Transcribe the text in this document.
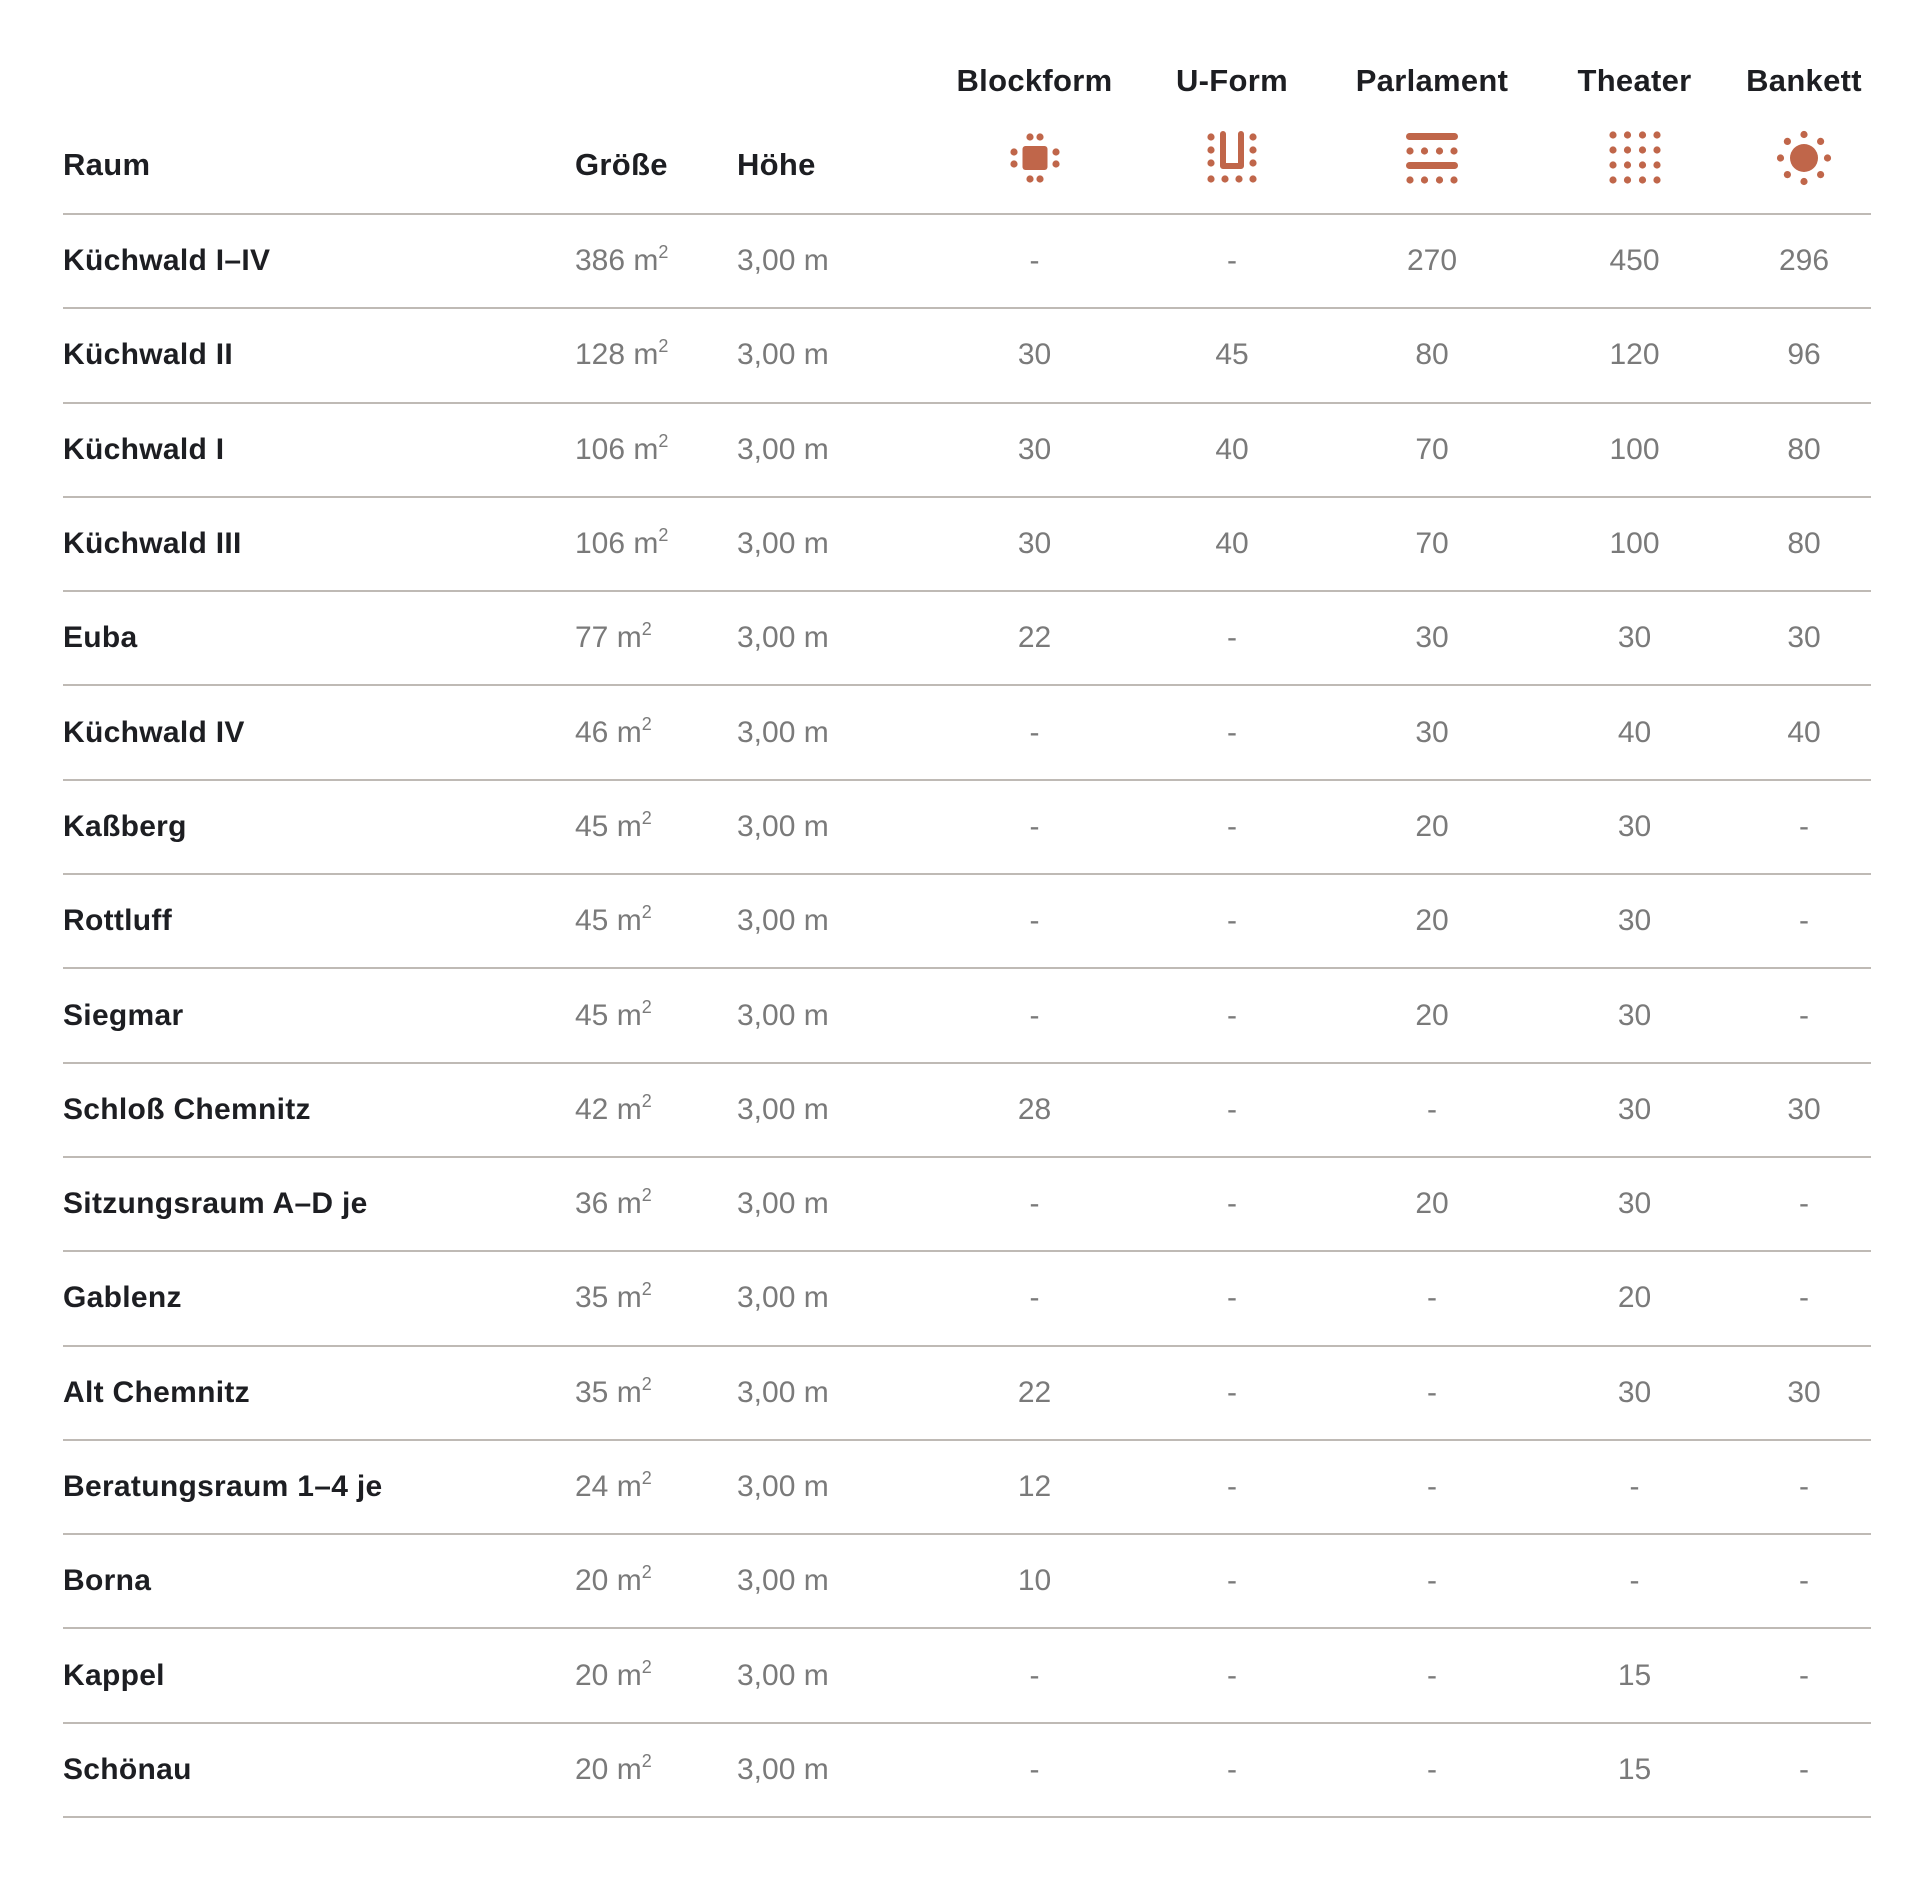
Raum	Größe	Höhe	Blockform	U-Form	Parlament	Theater	Bankett

Küchwald I–IV	386 $m^2$	3,00 m	-	-	270	450	296
Küchwald II	128 $m^2$	3,00 m	30	45	80	120	96
Küchwald I	106 $m^2$	3,00 m	30	40	70	100	80
Küchwald III	106 $m^2$	3,00 m	30	40	70	100	80
Euba	77 $m^2$	3,00 m	22	-	30	30	30
Küchwald IV	46 $m^2$	3,00 m	-	-	30	40	40
Kaßberg	45 $m^2$	3,00 m	-	-	20	30	-
Rottluff	45 $m^2$	3,00 m	-	-	20	30	-
Siegmar	45 $m^2$	3,00 m	-	-	20	30	-
Schloß Chemnitz	42 $m^2$	3,00 m	28	-	-	30	30
Sitzungsraum A–D je	36 $m^2$	3,00 m	-	-	20	30	-
Gablenz	35 $m^2$	3,00 m	-	-	-	20	-
Alt Chemnitz	35 $m^2$	3,00 m	22	-	-	30	30
Beratungsraum 1–4 je	24 $m^2$	3,00 m	12	-	-	-	-
Borna	20 $m^2$	3,00 m	10	-	-	-	-
Kappel	20 $m^2$	3,00 m	-	-	-	15	-
Schönau	20 $m^2$	3,00 m	-	-	-	15	-
